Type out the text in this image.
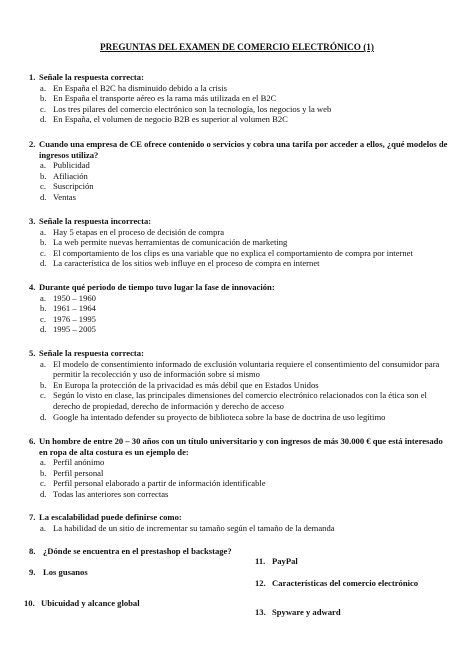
PREGUNTAS DEL EXAMEN DE COMERCIO ELECTRÓNICO (1)
1. Señale la respuesta correcta:
a. En España el B2C ha disminuido debido a la crisis
b. En España el transporte aéreo es la rama más utilizada en el B2C
c. Los tres pilares del comercio electrónico son la tecnología, los negocios y la web
d. En España, el volumen de negocio B2B es superior al volumen B2C
2. Cuando una empresa de CE ofrece contenido o servicios y cobra una tarifa por acceder a ellos, ¿qué modelos de ingresos utiliza?
a. Publicidad
b. Afiliación
c. Suscripción
d. Ventas
3. Señale la respuesta incorrecta:
a. Hay 5 etapas en el proceso de decisión de compra
b. La web permite nuevas herramientas de comunicación de marketing
c. El comportamiento de los clips es una variable que no explica el comportamiento de compra por internet
d. La característica de los sitios web influye en el proceso de compra en internet
4. Durante qué periodo de tiempo tuvo lugar la fase de innovación:
a. 1950 – 1960
b. 1961 – 1964
c. 1976 – 1995
d. 1995 – 2005
5. Señale la respuesta correcta:
a. El modelo de consentimiento informado de exclusión voluntaria requiere el consentimiento del consumidor para permitir la recolección y uso de información sobre sí mismo
b. En Europa la protección de la privacidad es más débil que en Estados Unidos
c. Según lo visto en clase, las principales dimensiones del comercio electrónico relacionados con la ética son el derecho de propiedad, derecho de información y derecho de acceso
d. Google ha intentado defender su proyecto de biblioteca sobre la base de doctrina de uso legítimo
6. Un hombre de entre 20 – 30 años con un título universitario y con ingresos de más 30.000 € que está interesado en ropa de alta costura es un ejemplo de:
a. Perfil anónimo
b. Perfil personal
c. Perfil personal elaborado a partir de información identificable
d. Todas las anteriores son correctas
7. La escalabilidad puede definirse como:
a. La habilidad de un sitio de incrementar su tamaño según el tamaño de la demanda
8. ¿Dónde se encuentra en el prestashop el backstage?
11. PayPal
9. Los gusanos
12. Características del comercio electrónico
10. Ubicuidad y alcance global
13. Spyware y adward
